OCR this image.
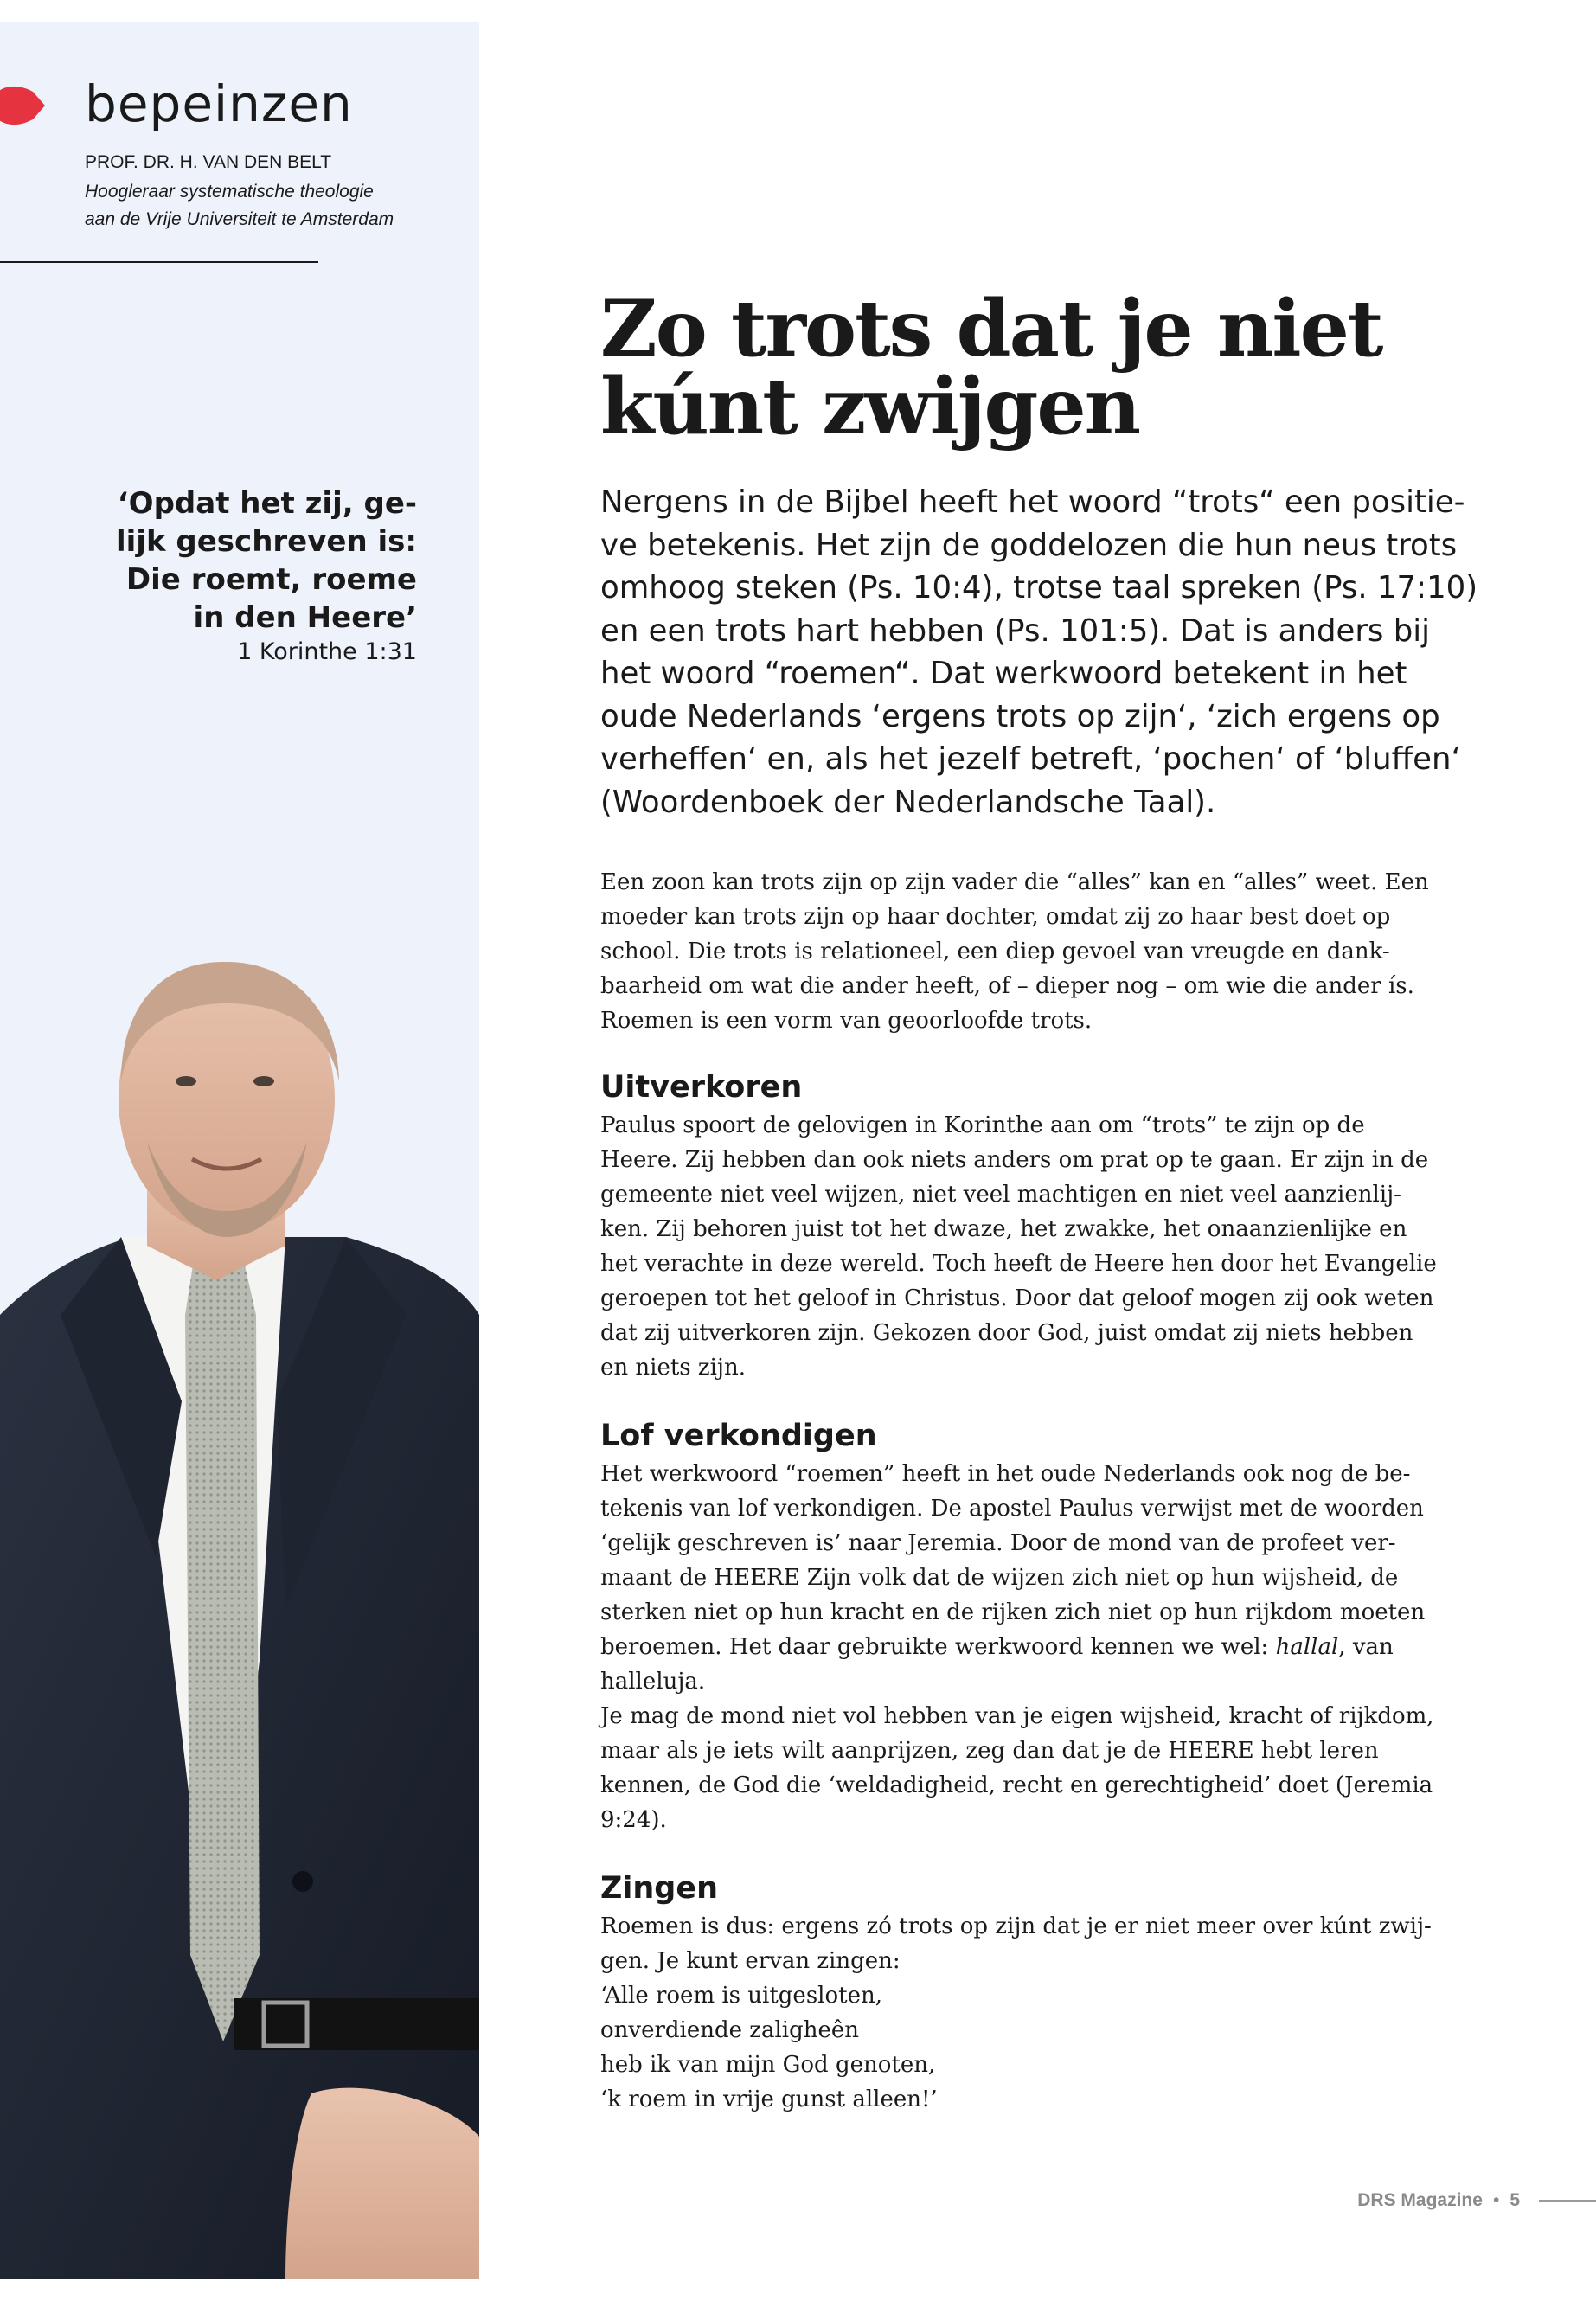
bepeinzen
PROF. DR. H. VAN DEN BELT
Hoogleraar systematische theologie
aan de Vrije Universiteit te Amsterdam
‘Opdat het zij, ge-
lijk geschreven is:
Die roemt, roeme
in den Heere’
1 Korinthe 1:31
Zo trots dat je niet
kúnt zwijgen
Nergens in de Bijbel heeft het woord “trots“ een positie-
ve betekenis. Het zijn de goddelozen die hun neus trots
omhoog steken (Ps. 10:4), trotse taal spreken (Ps. 17:10)
en een trots hart hebben (Ps. 101:5). Dat is anders bij
het woord “roemen“. Dat werkwoord betekent in het
oude Nederlands ‘ergens trots op zijn‘, ‘zich ergens op
verheffen‘ en, als het jezelf betreft, ‘pochen‘ of ‘bluffen‘
(Woordenboek der Nederlandsche Taal).
Een zoon kan trots zijn op zijn vader die “alles” kan en “alles” weet. Een
moeder kan trots zijn op haar dochter, omdat zij zo haar best doet op
school. Die trots is relationeel, een diep gevoel van vreugde en dank-
baarheid om wat die ander heeft, of – dieper nog – om wie die ander ís.
Roemen is een vorm van geoorloofde trots.
Uitverkoren
Paulus spoort de gelovigen in Korinthe aan om “trots” te zijn op de
Heere. Zij hebben dan ook niets anders om prat op te gaan. Er zijn in de
gemeente niet veel wijzen, niet veel machtigen en niet veel aanzienlij-
ken. Zij behoren juist tot het dwaze, het zwakke, het onaanzienlijke en
het verachte in deze wereld. Toch heeft de Heere hen door het Evangelie
geroepen tot het geloof in Christus. Door dat geloof mogen zij ook weten
dat zij uitverkoren zijn. Gekozen door God, juist omdat zij niets hebben
en niets zijn.
Lof verkondigen
Het werkwoord “roemen” heeft in het oude Nederlands ook nog de be-
tekenis van lof verkondigen. De apostel Paulus verwijst met de woorden
‘gelijk geschreven is’ naar Jeremia. Door de mond van de profeet ver-
maant de HEERE Zijn volk dat de wijzen zich niet op hun wijsheid, de
sterken niet op hun kracht en de rijken zich niet op hun rijkdom moeten
beroemen. Het daar gebruikte werkwoord kennen we wel: hallal, van
halleluja.
Je mag de mond niet vol hebben van je eigen wijsheid, kracht of rijkdom,
maar als je iets wilt aanprijzen, zeg dan dat je de HEERE hebt leren
kennen, de God die ‘weldadigheid, recht en gerechtigheid’ doet (Jeremia
9:24).
Zingen
Roemen is dus: ergens zó trots op zijn dat je er niet meer over kúnt zwij-
gen. Je kunt ervan zingen:
‘Alle roem is uitgesloten,
onverdiende zaligheên
heb ik van mijn God genoten,
‘k roem in vrije gunst alleen!’
DRS Magazine • 5
